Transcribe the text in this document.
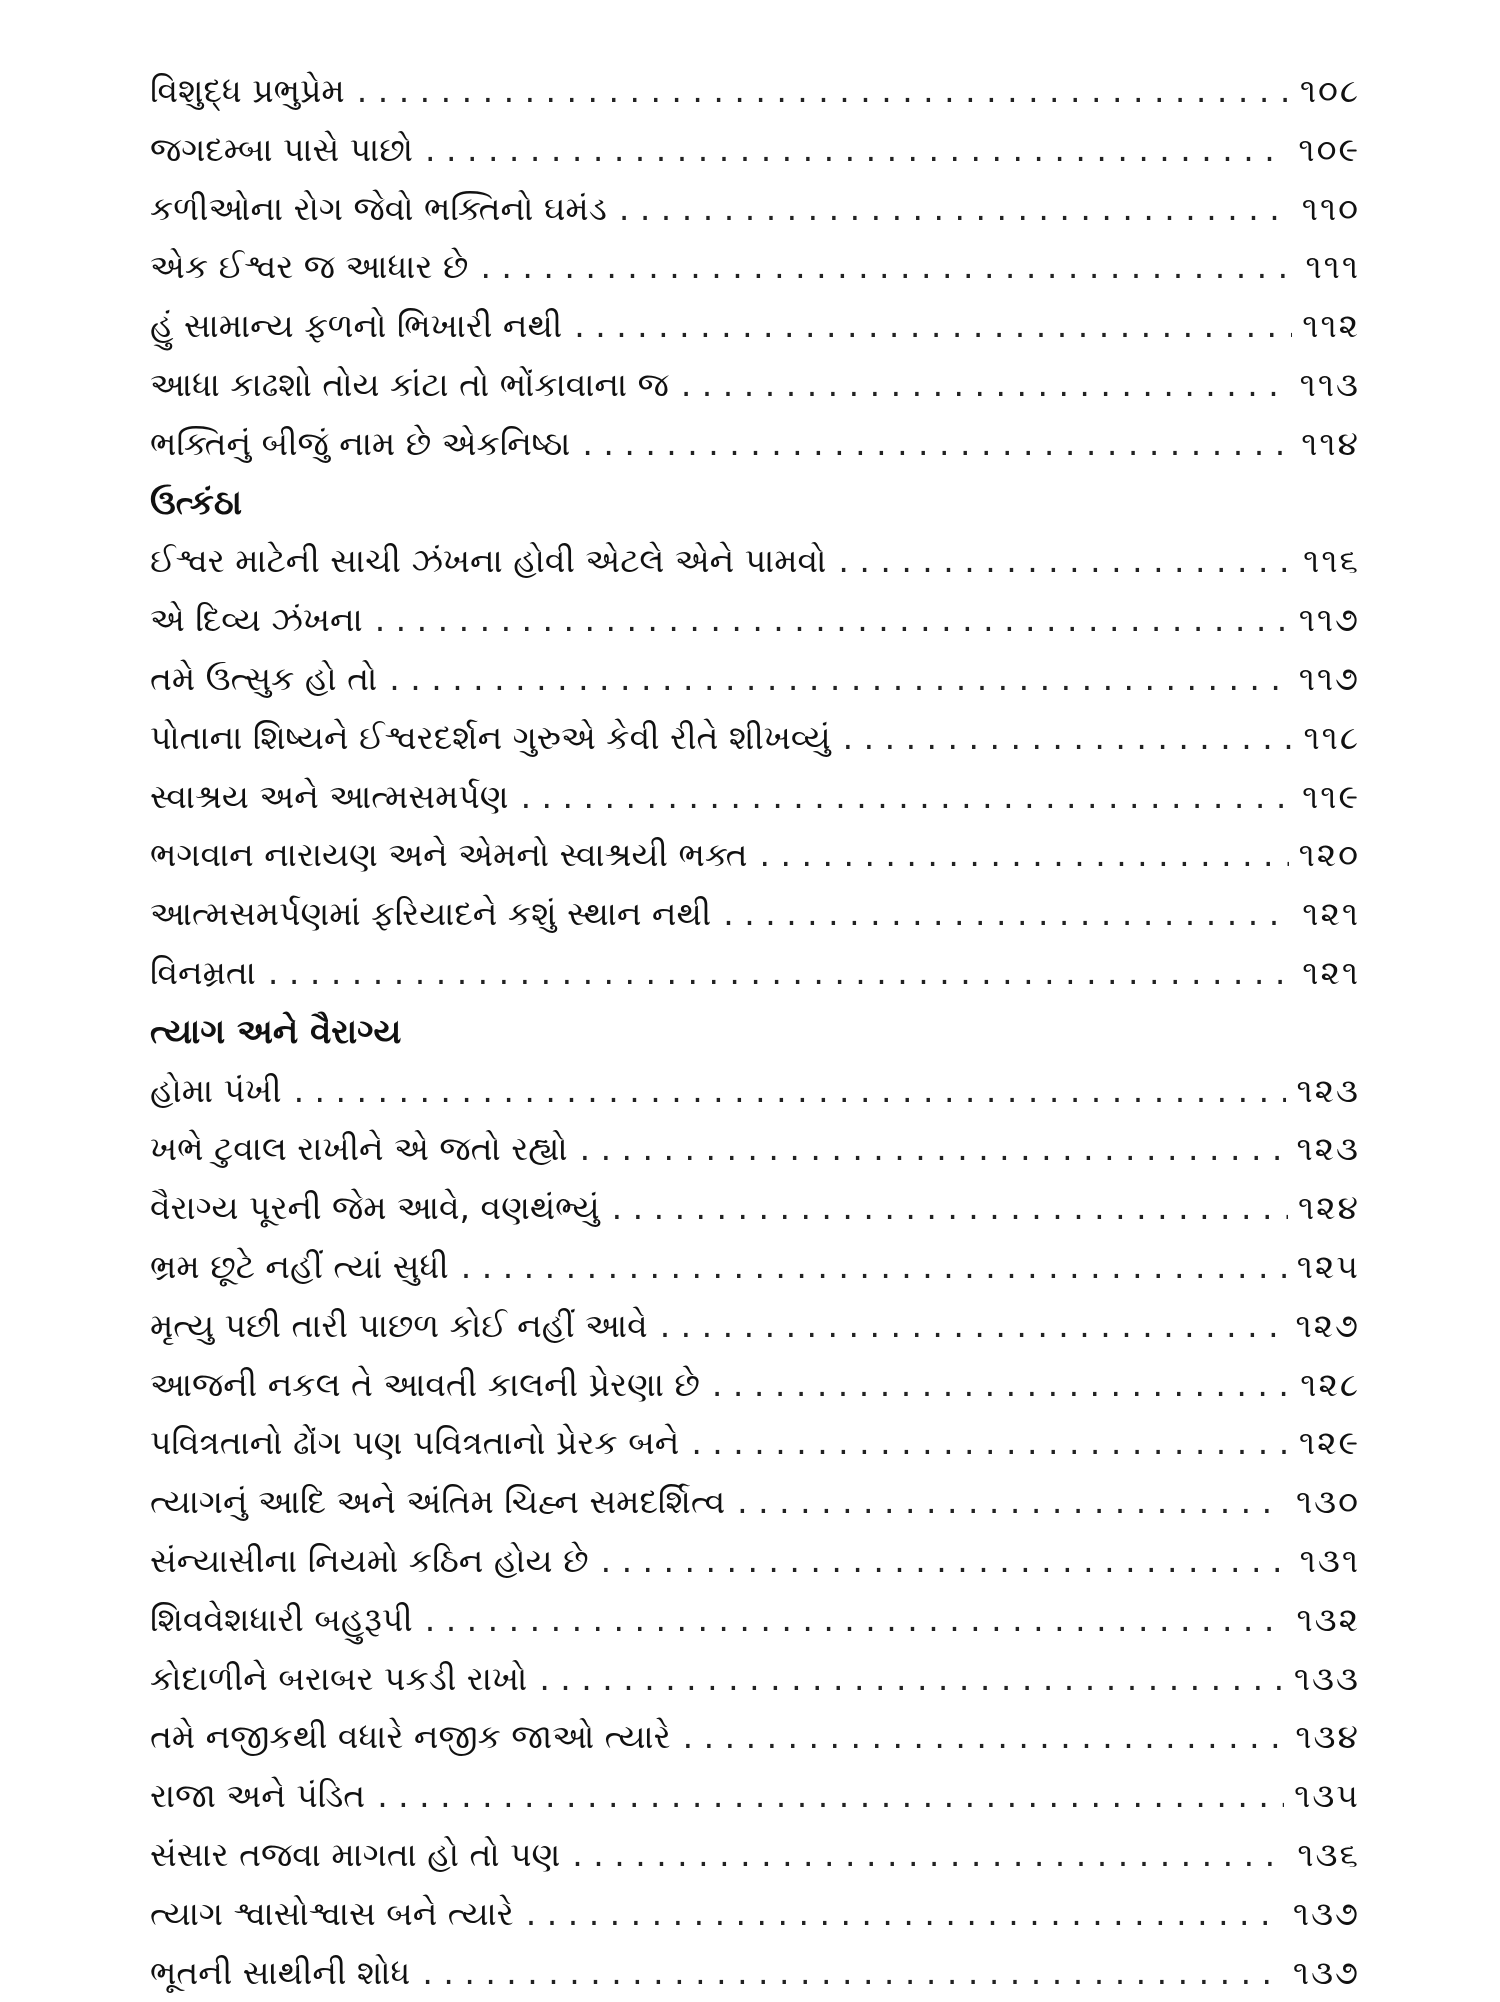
વિશુદ્ધ પ્રભુપ્રેમ . . .	૧૦૮
જગદમ્બા પાસે પાછો . . .	૧૦૯
કળીઓના રોગ જેવો ભક્તિનો ઘમંડ . . .	૧૧૦
એક ઈશ્વર જ આધાર છે . . .	૧૧૧
હું સામાન્ય ફળનો ભિખારી નથી . . .	૧૧૨
આધા કાઢશો તોય કાંટા તો ભોંકાવાના જ . . .	૧૧૩
ભક્તિનું બીજું નામ છે એકનિષ્ઠા . . .	૧૧૪
ઉત્કંઠા
ઈશ્વર માટેની સાચી ઝંખના હોવી એટલે એને પામવો . . .	૧૧૬
એ દિવ્ય ઝંખના . . .	૧૧૭
તમે ઉત્સુક હો તો . . .	૧૧૭
પોતાના શિષ્યને ઈશ્વરદર્શન ગુરુએ કેવી રીતે શીખવ્યું . . .	૧૧૮
સ્વાશ્રય અને આત્મસમર્પણ . . .	૧૧૯
ભગવાન નારાયણ અને એમનો સ્વાશ્રયી ભક્ત . . .	૧૨૦
આત્મસમર્પણમાં ફરિયાદને કશું સ્થાન નથી . . .	૧૨૧
વિનમ્રતા . . .	૧૨૧
ત્યાગ અને વૈરાગ્ય
હોમા પંખી . . .	૧૨૩
ખભે ટુવાલ રાખીને એ જતો રહ્યો . . .	૧૨૩
વૈરાગ્ય પૂરની જેમ આવે, વણથંભ્યું . . .	૧૨૪
ભ્રમ છૂટે નહીં ત્યાં સુધી . . .	૧૨૫
મૃત્યુ પછી તારી પાછળ કોઈ નહીં આવે . . .	૧૨૭
આજની નકલ તે આવતી કાલની પ્રેરણા છે . . .	૧૨૮
પવિત્રતાનો ઢોંગ પણ પવિત્રતાનો પ્રેરક બને . . .	૧૨૯
ત્યાગનું આદિ અને અંતિમ ચિહ્ન સમદર્શિત્વ . . .	૧૩૦
સંન્યાસીના નિયમો કઠિન હોય છે . . .	૧૩૧
શિવવેશધારી બહુરૂપી . . .	૧૩૨
કોદાળીને બરાબર પકડી રાખો . . .	૧૩૩
તમે નજીકથી વધારે નજીક જાઓ ત્યારે . . .	૧૩૪
રાજા અને પંડિત . . .	૧૩૫
સંસાર તજવા માગતા હો તો પણ . . .	૧૩૬
ત્યાગ શ્વાસોશ્વાસ બને ત્યારે . . .	૧૩૭
ભૂતની સાથીની શોધ . . .	૧૩૭
